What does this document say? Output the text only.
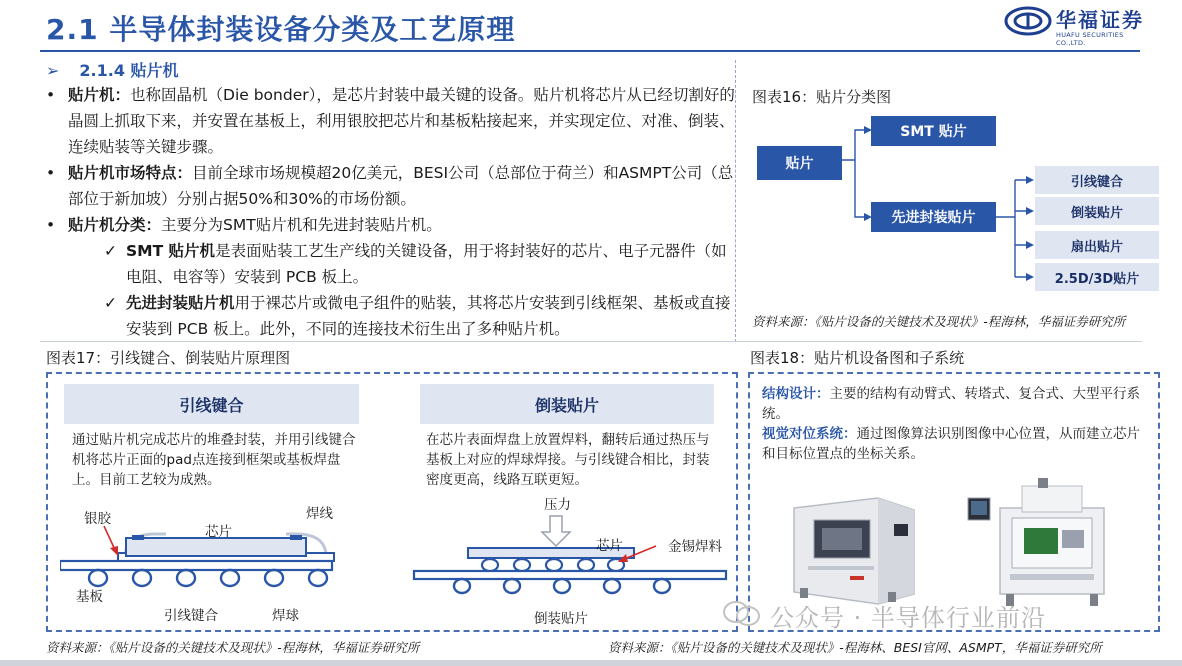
2.1 半导体封装设备分类及工艺原理	华福证券
HUAFU SECURITIES CO.,LTD.
➢ 2.1.4 贴片机
• 贴片机：也称固晶机（Die bonder），是芯片封装中最关键的设备。贴片机将芯片从已经切割好的晶圆上抓取下来，并安置在基板上，利用银胶把芯片和基板粘接起来，并实现定位、对准、倒装、连续贴装等关键步骤。
• 贴片机市场特点：目前全球市场规模超20亿美元，BESI公司（总部位于荷兰）和ASMPT公司（总部位于新加坡）分别占据50%和30%的市场份额。
• 贴片机分类：主要分为SMT贴片机和先进封装贴片机。
✓ SMT 贴片机是表面贴装工艺生产线的关键设备，用于将封装好的芯片、电子元器件（如电阻、电容等）安装到 PCB 板上。
✓ 先进封装贴片机用于裸芯片或微电子组件的贴装，其将芯片安装到引线框架、基板或直接安装到 PCB 板上。此外，不同的连接技术衍生出了多种贴片机。
图表16：贴片分类图
贴片
SMT 贴片
先进封装贴片
引线键合
倒装贴片
扇出贴片
2.5D/3D贴片
资料来源：《贴片设备的关键技术及现状》-程海林，华福证券研究所
图表17：引线键合、倒装贴片原理图
引线键合
通过贴片机完成芯片的堆叠封装，并用引线键合机将芯片正面的pad点连接到框架或基板焊盘上。目前工艺较为成熟。
倒装贴片
在芯片表面焊盘上放置焊料，翻转后通过热压与基板上对应的焊球焊接。与引线键合相比，封装密度更高，线路互联更短。
银胶
芯片
焊线
基板
引线键合	焊球
压力
芯片	金锡焊料
倒装贴片
资料来源：《贴片设备的关键技术及现状》-程海林，华福证券研究所
图表18：贴片机设备图和子系统
结构设计：主要的结构有动臂式、转塔式、复合式、大型平行系统。
视觉对位系统：通过图像算法识别图像中心位置，从而建立芯片和目标位置点的坐标关系。
公众号 · 半导体行业前沿
资料来源：《贴片设备的关键技术及现状》-程海林、BESI官网、ASMPT，华福证券研究所
